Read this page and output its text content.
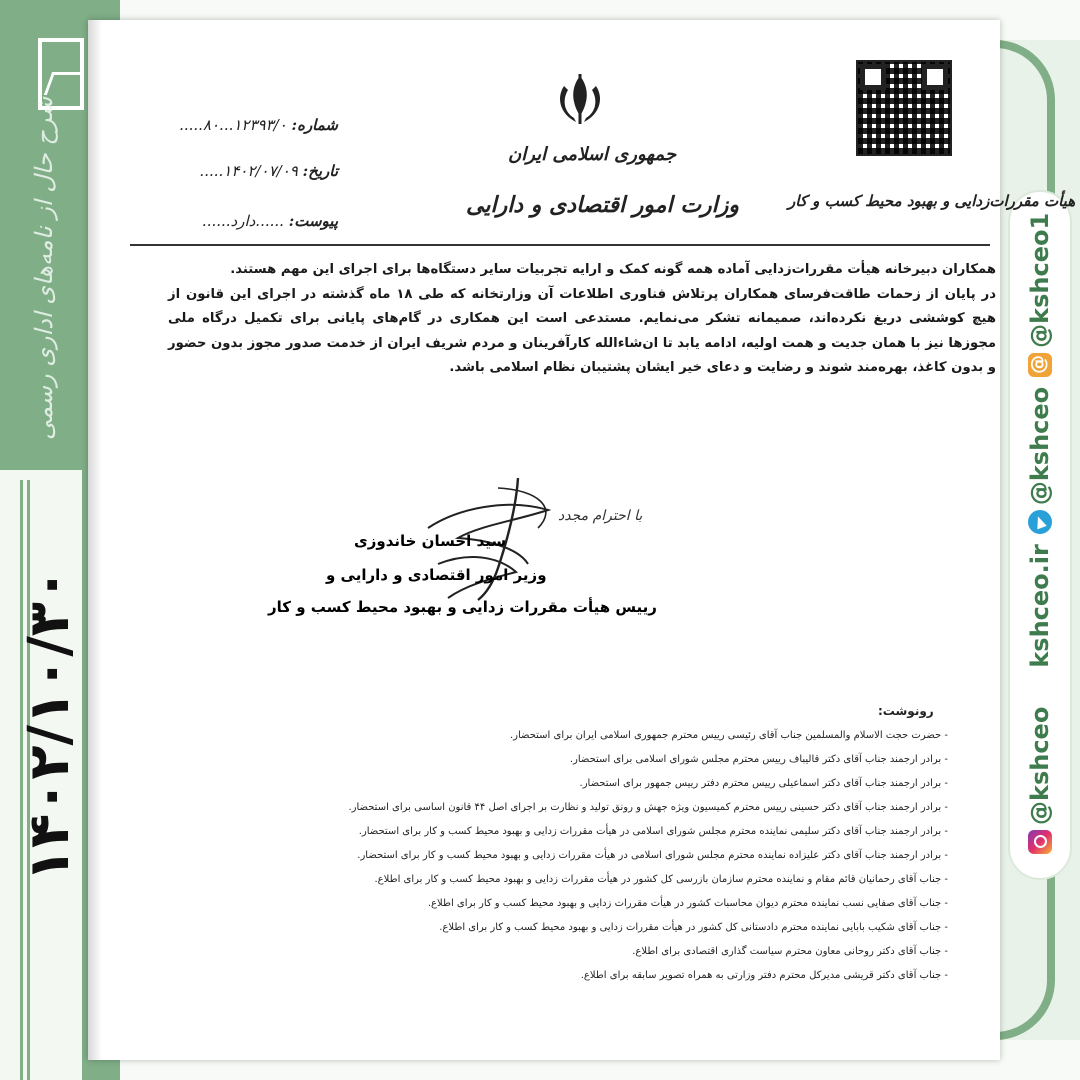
شرح حال از نامه‌های اداری رسمی
۱۴۰۲/۱۰/۳۰	@kshceo
kshceo.ir
@kshceo
@
@kshceo1
جمهوری اسلامی ایران
وزارت امور اقتصادی و دارایی	هیأت مقررات‌زدایی و بهبود محیط کسب و کار
شماره: ۱۲۳۹۳/۰...۸۰.....
تاریخ: ۱۴۰۲/۰۷/۰۹.....
پیوست: ......دارد......

همکاران دبیرخانه هیأت مقررات‌زدایی آماده همه گونه کمک و ارایه تجربیات سایر دستگاه‌ها برای اجرای این مهم هستند.

در پایان از زحمات طاقت‌فرسای همکاران پرتلاش فناوری اطلاعات آن وزارتخانه که طی ۱۸ ماه گذشته در اجرای این قانون از هیچ کوششی دریغ نکرده‌اند، صمیمانه تشکر می‌نمایم. مستدعی است این همکاری در گام‌های پایانی برای تکمیل درگاه ملی مجوزها نیز با همان جدیت و همت اولیه، ادامه یابد تا ان‌شاءالله کارآفرینان و مردم شریف ایران از خدمت صدور مجوز بدون حضور و بدون کاغذ، بهره‌مند شوند و رضایت و دعای خیر ایشان پشتیبان نظام اسلامی باشد.

با احترام مجدد
سید احسان خاندوزی
وزیر امور اقتصادی و دارایی و
رییس هیأت مقررات زدایی و بهبود محیط کسب و کار
رونوشت:
- حضرت حجت الاسلام والمسلمین جناب آقای رئیسی رییس محترم جمهوری اسلامی ایران برای استحضار.
- برادر ارجمند جناب آقای دکتر قالیباف رییس محترم مجلس شورای اسلامی برای استحضار.
- برادر ارجمند جناب آقای دکتر اسماعیلی رییس محترم دفتر رییس جمهور برای استحضار.
- برادر ارجمند جناب آقای دکتر حسینی رییس محترم کمیسیون ویژه جهش و رونق تولید و نظارت بر اجرای اصل ۴۴ قانون اساسی برای استحضار.
- برادر ارجمند جناب آقای دکتر سلیمی نماینده محترم مجلس شورای اسلامی در هیأت مقررات زدایی و بهبود محیط کسب و کار برای استحضار.
- برادر ارجمند جناب آقای دکتر علیزاده نماینده محترم مجلس شورای اسلامی در هیأت مقررات زدایی و بهبود محیط کسب و کار برای استحضار.
- جناب آقای رحمانیان قائم مقام و نماینده محترم سازمان بازرسی کل کشور در هیأت مقررات زدایی و بهبود محیط کسب و کار برای اطلاع.
- جناب آقای صفایی نسب نماینده محترم دیوان محاسبات کشور در هیأت مقررات زدایی و بهبود محیط کسب و کار برای اطلاع.
- جناب آقای شکیب بابایی نماینده محترم دادستانی کل کشور در هیأت مقررات زدایی و بهبود محیط کسب و کار برای اطلاع.
- جناب آقای دکتر روحانی معاون محترم سیاست گذاری اقتصادی برای اطلاع.
- جناب آقای دکتر قریشی مدیرکل محترم دفتر وزارتی به همراه تصویر سابقه برای اطلاع.
